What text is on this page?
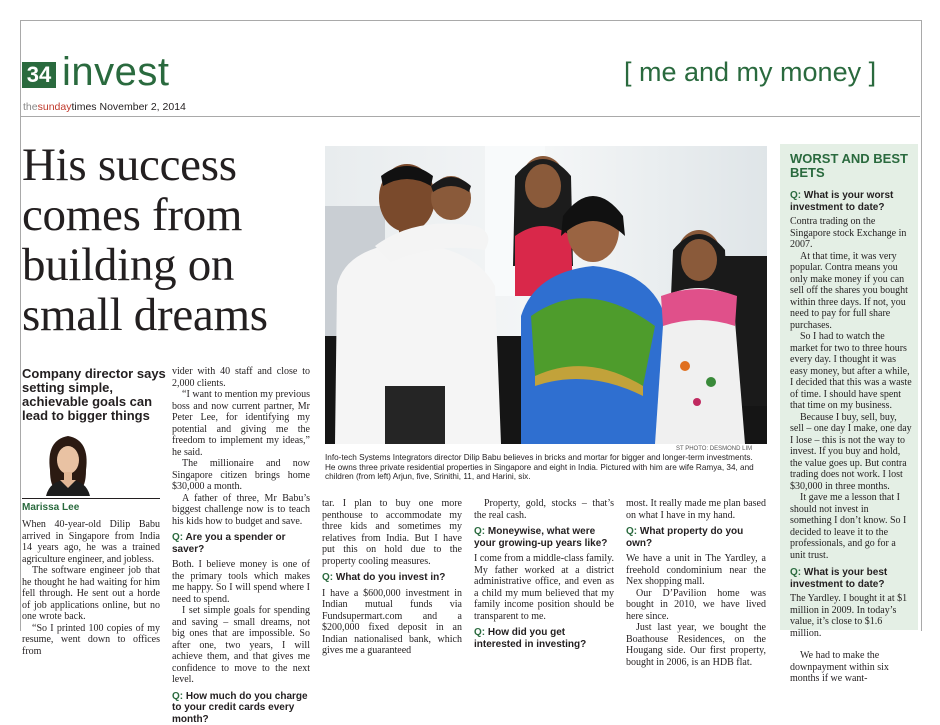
34 invest	[ me and my money ]
thesundaytimes November 2, 2014
His success comes from building on small dreams
Company director says setting simple, achievable goals can lead to bigger things
Marissa Lee

When 40-year-old Dilip Babu arrived in Singapore from India 14 years ago, he was a trained agriculture engineer, and jobless.

The software engineer job that he thought he had waiting for him fell through. He sent out a horde of job applications online, but no one wrote back.

“So I printed 100 copies of my resume, went down to offices from

vider with 40 staff and close to 2,000 clients.

“I want to mention my previous boss and now current partner, Mr Peter Lee, for identifying my potential and giving me the freedom to implement my ideas,” he said.

The millionaire and now Singapore citizen brings home $30,000 a month.

A father of three, Mr Babu’s biggest challenge now is to teach his kids how to budget and save.

Q: Are you a spender or saver?

Both. I believe money is one of the primary tools which makes me happy. So I will spend where I need to spend.

I set simple goals for spending and saving – small dreams, not big ones that are impossible. So after one, two years, I will achieve them, and that gives me confidence to move to the next level.

Q: How much do you charge to your credit cards every month?

tar. I plan to buy one more penthouse to accommodate my three kids and sometimes my relatives from India. But I have put this on hold due to the property cooling measures.

Q: What do you invest in?

I have a $600,000 investment in Indian mutual funds via Fundsupermart.com and a $200,000 fixed deposit in an Indian nationalised bank, which gives me a guaranteed

Property, gold, stocks – that’s the real cash.

Q: Moneywise, what were your growing-up years like?

I come from a middle-class family. My father worked at a district administrative office, and even as a child my mum believed that my family income position should be transparent to me.

Q: How did you get interested in investing?

most. It really made me plan based on what I have in my hand.

Q: What property do you own?

We have a unit in The Yardley, a freehold condominium near the Nex shopping mall.

Our D’Pavilion home was bought in 2010, we have lived here since.

Just last year, we bought the Boathouse Residences, on the Hougang side. Our first property, bought in 2006, is an HDB flat.

ST PHOTO: DESMOND LIM
Info-tech Systems Integrators director Dilip Babu believes in bricks and mortar for bigger and longer-term investments.
He owns three private residential properties in Singapore and eight in India. Pictured with him are wife Ramya, 34, and
children (from left) Arjun, five, Srinithi, 11, and Harini, six.
WORST AND BEST BETS
Q: What is your worst investment to date?

Contra trading on the Singapore stock Exchange in 2007.

At that time, it was very popular. Contra means you only make money if you can sell off the shares you bought within three days. If not, you need to pay for full share purchases.

So I had to watch the market for two to three hours every day. I thought it was easy money, but after a while, I decided that this was a waste of time. I should have spent that time on my business.

Because I buy, sell, buy, sell – one day I make, one day I lose – this is not the way to invest. If you buy and hold, the value goes up. But contra trading does not work. I lost $30,000 in three months.

It gave me a lesson that I should not invest in something I don’t know. So I decided to leave it to the professionals, and go for a unit trust.

Q: What is your best investment to date?

The Yardley. I bought it at $1 million in 2009. In today’s value, it’s close to $1.6 million.

We had to make the downpayment within six months if we want-
